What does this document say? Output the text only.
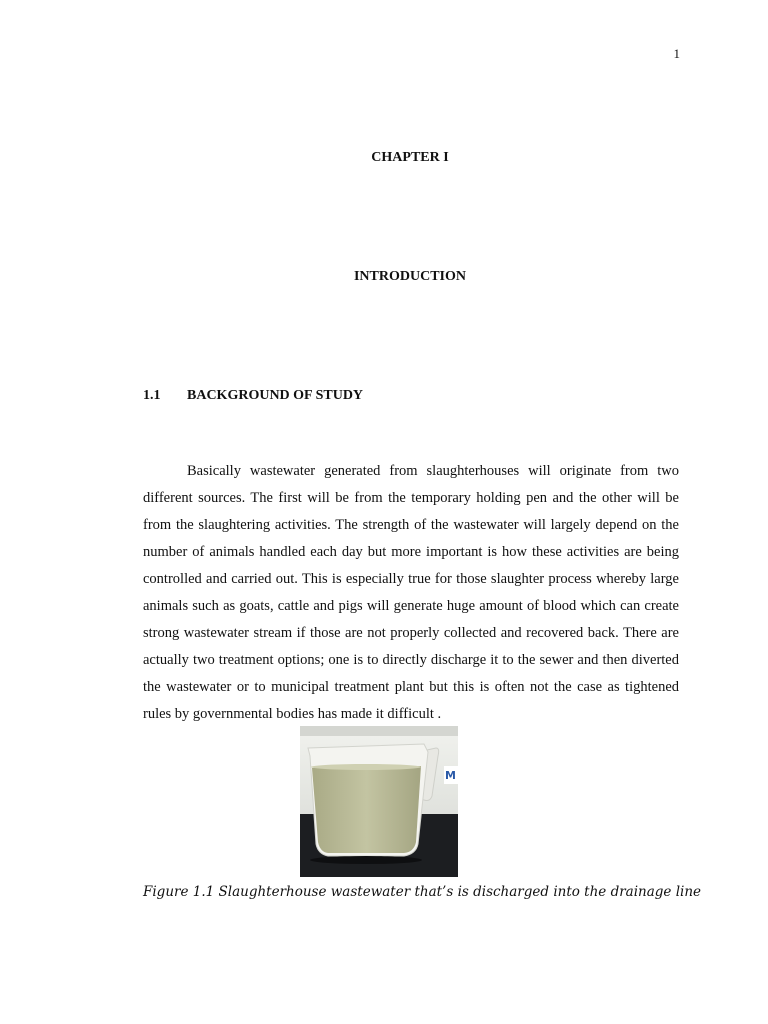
1
CHAPTER I
INTRODUCTION
1.1	BACKGROUND OF STUDY

Basically wastewater generated from slaughterhouses will originate from two different sources. The first will be from the temporary holding pen and the other will be from the slaughtering activities. The strength of the wastewater will largely depend on the number of animals handled each day but more important is how these activities are being controlled and carried out. This is especially true for those slaughter process whereby large animals such as goats, cattle and pigs will generate huge amount of blood which can create strong wastewater stream if those are not properly collected and recovered back. There are actually two treatment options; one is to directly discharge it to the sewer and then diverted the wastewater or to municipal treatment plant but this is often not the case as tightened rules by governmental bodies has made it difficult .

M
Figure 1.1 Slaughterhouse wastewater that’s is discharged into the drainage line
